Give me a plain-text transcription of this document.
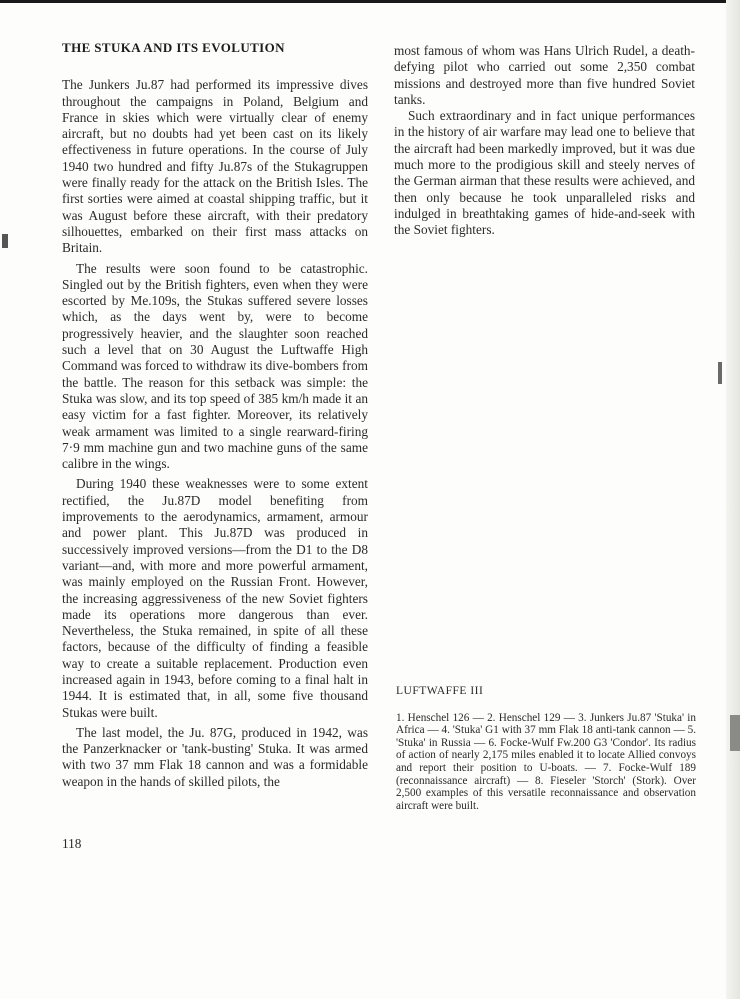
THE STUKA AND ITS EVOLUTION

The Junkers Ju.87 had performed its impressive dives throughout the campaigns in Poland, Belgium and France in skies which were virtually clear of enemy aircraft, but no doubts had yet been cast on its likely effectiveness in future operations. In the course of July 1940 two hundred and fifty Ju.87s of the Stukagruppen were finally ready for the attack on the British Isles. The first sorties were aimed at coastal shipping traffic, but it was August before these aircraft, with their predatory silhouettes, embarked on their first mass attacks on Britain.

The results were soon found to be catastrophic. Singled out by the British fighters, even when they were escorted by Me.109s, the Stukas suffered severe losses which, as the days went by, were to become progressively heavier, and the slaughter soon reached such a level that on 30 August the Luftwaffe High Command was forced to withdraw its dive-bombers from the battle. The reason for this setback was simple: the Stuka was slow, and its top speed of 385 km/h made it an easy victim for a fast fighter. Moreover, its relatively weak armament was limited to a single rearward-firing 7·9 mm machine gun and two machine guns of the same calibre in the wings.

During 1940 these weaknesses were to some extent rectified, the Ju.87D model benefiting from improvements to the aerodynamics, armament, armour and power plant. This Ju.87D was produced in successively improved versions—from the D1 to the D8 variant—and, with more and more powerful armament, was mainly employed on the Russian Front. However, the increasing aggressiveness of the new Soviet fighters made its operations more dangerous than ever. Nevertheless, the Stuka remained, in spite of all these factors, because of the difficulty of finding a feasible way to create a suitable replacement. Production even increased again in 1943, before coming to a final halt in 1944. It is estimated that, in all, some five thousand Stukas were built.

The last model, the Ju. 87G, produced in 1942, was the Panzerknacker or 'tank-busting' Stuka. It was armed with two 37 mm Flak 18 cannon and was a formidable weapon in the hands of skilled pilots, the

most famous of whom was Hans Ulrich Rudel, a death-defying pilot who carried out some 2,350 combat missions and destroyed more than five hundred Soviet tanks.

Such extraordinary and in fact unique performances in the history of air warfare may lead one to believe that the aircraft had been markedly improved, but it was due much more to the prodigious skill and steely nerves of the German airman that these results were achieved, and then only because he took unparalleled risks and indulged in breathtaking games of hide-and-seek with the Soviet fighters.

LUFTWAFFE III

1. Henschel 126 — 2. Henschel 129 — 3. Junkers Ju.87 'Stuka' in Africa — 4. 'Stuka' G1 with 37 mm Flak 18 anti-tank cannon — 5. 'Stuka' in Russia — 6. Focke-Wulf Fw.200 G3 'Condor'. Its radius of action of nearly 2,175 miles enabled it to locate Allied convoys and report their position to U-boats. — 7. Focke-Wulf 189 (reconnaissance aircraft) — 8. Fieseler 'Storch' (Stork). Over 2,500 examples of this versatile reconnaissance and observation aircraft were built.

118
